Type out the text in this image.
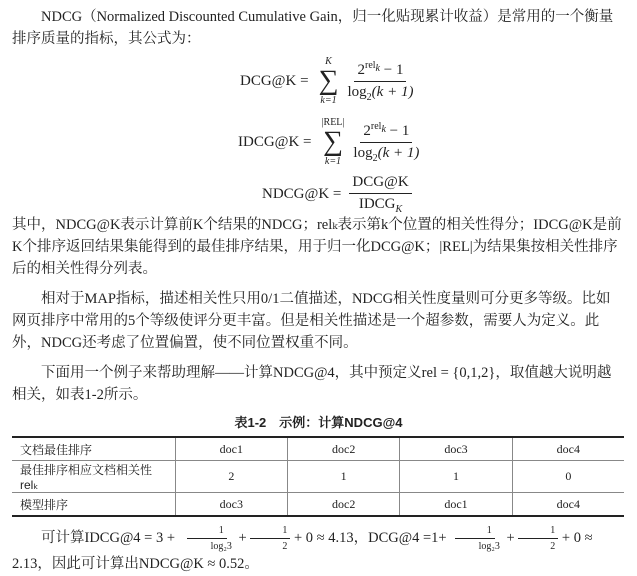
NDCG（Normalized Discounted Cumulative Gain，归一化贴现累计收益）是常用的一个衡量排序质量的指标，其公式为：

DCG@K =
K
∑
$k=1 \frac{2^{rel_k} - 1}{\log_2(k + 1)}$
IDCG@K =
|REL|
∑
$k=1 \frac{2^{rel_k} - 1}{\log_2(k + 1)}$
NDCG@K = $\frac{\text{DCG@K}}{IDCG_K}$

其中，NDCG@K表示计算前K个结果的NDCG；relₖ表示第k个位置的相关性得分；IDCG@K是前K个排序返回结果集能得到的最佳排序结果，用于归一化DCG@K；|REL|为结果集按相关性排序后的相关性得分列表。

相对于MAP指标，描述相关性只用0/1二值描述，NDCG相关性度量则可分更多等级。比如网页排序中常用的5个等级使评分更丰富。但是相关性描述是一个超参数，需要人为定义。此外，NDCG还考虑了位置偏置，使不同位置权重不同。

下面用一个例子来帮助理解——计算NDCG@4，其中预定义rel = {0,1,2}，取值越大说明越相关，如表1-2所示。

表1-2　示例：计算NDCG@4
文档最佳排序	doc1	doc2	doc3	doc4
最佳排序相应文档相关性relₖ	2	1	1	0
模型排序	doc3	doc2	doc1	doc4

可计算IDCG@4 = $3 + \frac{1}{\text{log₂3}} + \frac{1}{2} + 0 \approx 4.13$，DCG@4 $=1+ \frac{1}{\text{log₂3}} + \frac{1}{2} + 0 \approx 2.13$，因此可计算出NDCG@K ≈ 0.52。
